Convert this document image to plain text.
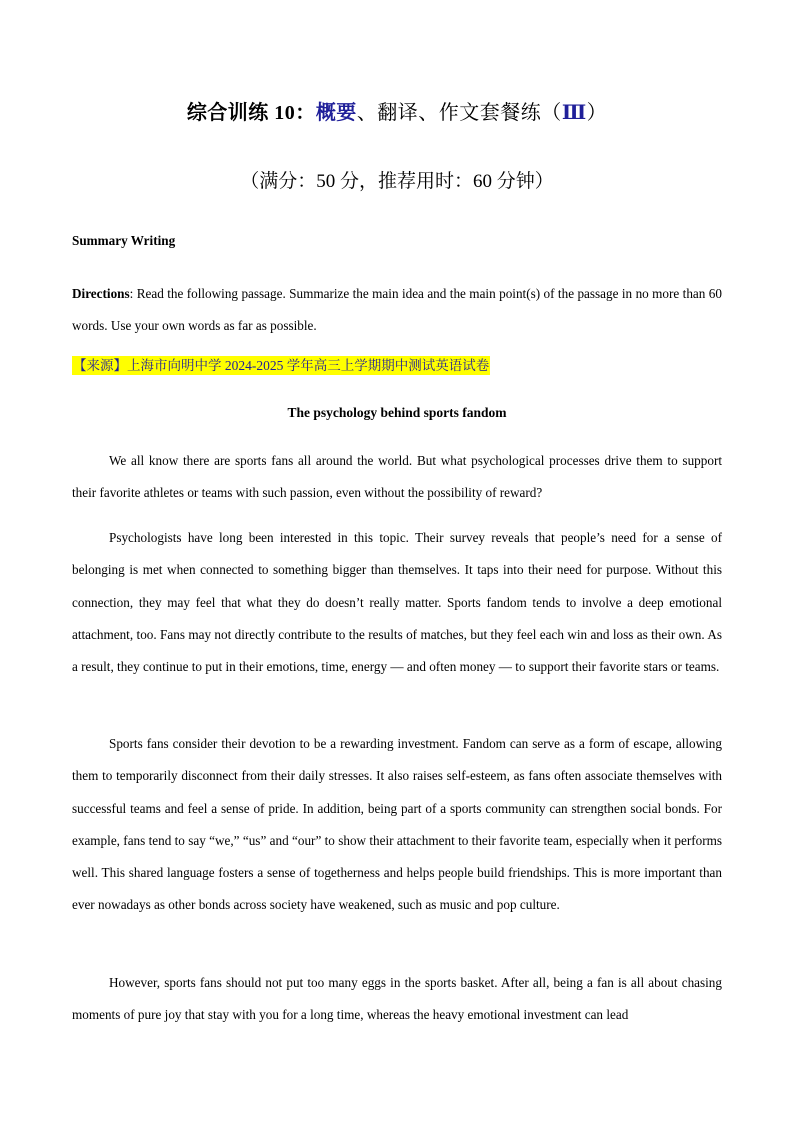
综合训练 10：概要、翻译、作文套餐练（Ⅲ）
（满分：50 分，推荐用时：60 分钟）
Summary Writing
Directions: Read the following passage. Summarize the main idea and the main point(s) of the passage in no more than 60 words. Use your own words as far as possible.
【来源】上海市向明中学 2024-2025 学年高三上学期期中测试英语试卷
The psychology behind sports fandom

We all know there are sports fans all around the world. But what psychological processes drive them to support their favorite athletes or teams with such passion, even without the possibility of reward?

Psychologists have long been interested in this topic. Their survey reveals that people’s need for a sense of belonging is met when connected to something bigger than themselves. It taps into their need for purpose. Without this connection, they may feel that what they do doesn’t really matter. Sports fandom tends to involve a deep emotional attachment, too. Fans may not directly contribute to the results of matches, but they feel each win and loss as their own. As a result, they continue to put in their emotions, time, energy — and often money — to support their favorite stars or teams.

Sports fans consider their devotion to be a rewarding investment. Fandom can serve as a form of escape, allowing them to temporarily disconnect from their daily stresses. It also raises self-esteem, as fans often associate themselves with successful teams and feel a sense of pride. In addition, being part of a sports community can strengthen social bonds. For example, fans tend to say “we,” “us” and “our” to show their attachment to their favorite team, especially when it performs well. This shared language fosters a sense of togetherness and helps people build friendships. This is more important than ever nowadays as other bonds across society have weakened, such as music and pop culture.

However, sports fans should not put too many eggs in the sports basket. After all, being a fan is all about chasing moments of pure joy that stay with you for a long time, whereas the heavy emotional investment can lead
